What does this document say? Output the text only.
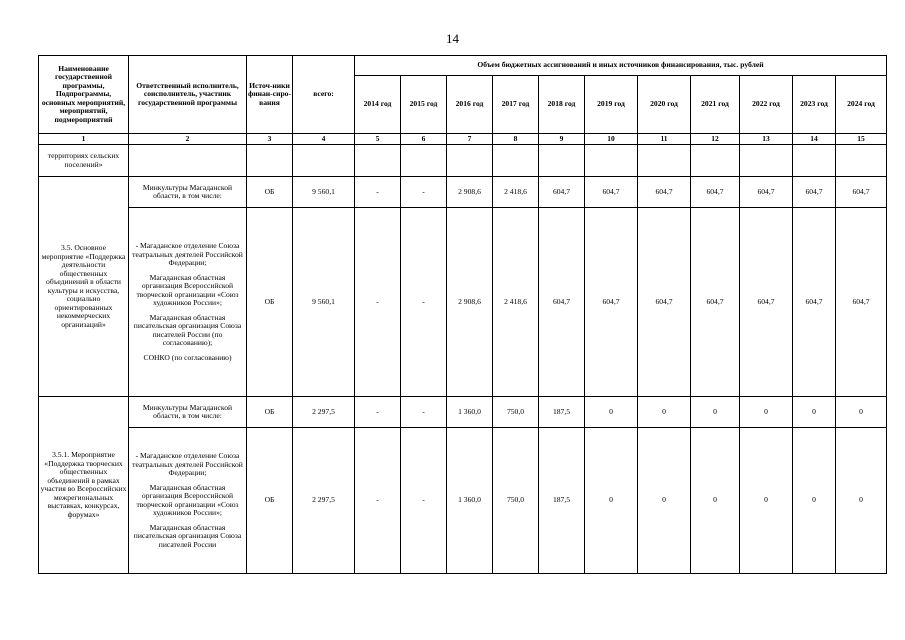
14
Наименование государственной программы, Подпрограммы, основных мероприятий, мероприятий, подмероприятий	Ответственный исполнитель, соисполнитель, участник государственной программы	Источ-ники финан-сиро-вания	всего:	Объем бюджетных ассигнований и иных источников финансирования, тыс. рублей										
				2014 год	2015 год	2016 год	2017 год	2018 год	2019 год	2020 год	2021 год	2022 год	2023 год	2024 год
1	2	3	4	5	6	7	8	9	10	11	12	13	14	15
территориях сельских поселений»														
3.5. Основное мероприятие «Поддержка деятельности общественных объединений в области культуры и искусства, социально ориентированных некоммерческих организаций»	Минкультуры Магаданской области, в том числе:	ОБ	9 560,1	-	-	2 908,6	2 418,6	604,7	604,7	604,7	604,7	604,7	604,7	604,7

	- Магаданское отделение Союза театральных деятелей Российской Федерации;
Магаданская областная организация Всероссийской творческой организации «Союз художников России»;
Магаданская областная писательская организация Союза писателей России (по согласованию);
СОНКО (по согласованию)	ОБ	9 560,1	-	-	2 908,6	2 418,6	604,7	604,7	604,7	604,7	604,7	604,7	604,7
3.5.1. Мероприятие «Поддержка творческих общественных объединений в рамках участия во Всероссийских межрегиональных выставках, конкурсах, форумах»	Минкультуры Магаданской области, в том числе:	ОБ	2 297,5	-	-	1 360,0	750,0	187,5	0	0	0	0	0	0

	- Магаданское отделение Союза театральных деятелей Российской Федерации;
Магаданская областная организация Всероссийской творческой организации «Союз художников России»;
Магаданская областная писательская организация Союза писателей России	ОБ	2 297,5	-	-	1 360,0	750,0	187,5	0	0	0	0	0	0
